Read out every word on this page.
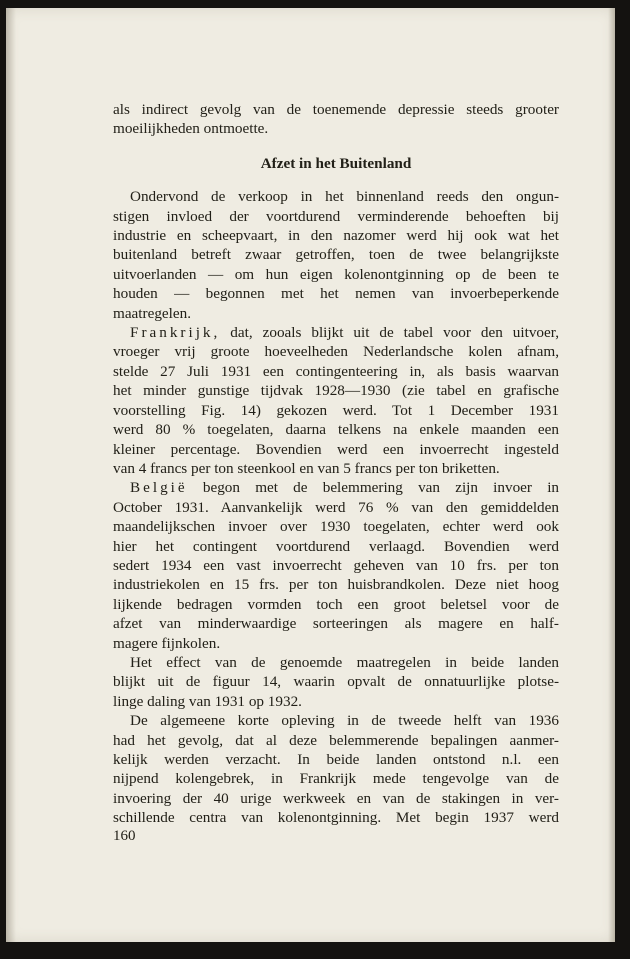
als indirect gevolg van de toenemende depressie steeds grooter
moeilijkheden ontmoette.
Afzet in het Buitenland
Ondervond de verkoop in het binnenland reeds den ongun-
stigen invloed der voortdurend verminderende behoeften bij
industrie en scheepvaart, in den nazomer werd hij ook wat het
buitenland betreft zwaar getroffen, toen de twee belangrijkste
uitvoerlanden — om hun eigen kolenontginning op de been te
houden — begonnen met het nemen van invoerbeperkende
maatregelen.
Frankrijk, dat, zooals blijkt uit de tabel voor den uitvoer,
vroeger vrij groote hoeveelheden Nederlandsche kolen afnam,
stelde 27 Juli 1931 een contingenteering in, als basis waarvan
het minder gunstige tijdvak 1928—1930 (zie tabel en grafische
voorstelling Fig. 14) gekozen werd. Tot 1 December 1931
werd 80 % toegelaten, daarna telkens na enkele maanden een
kleiner percentage. Bovendien werd een invoerrecht ingesteld
van 4 francs per ton steenkool en van 5 francs per ton briketten.
België begon met de belemmering van zijn invoer in
October 1931. Aanvankelijk werd 76 % van den gemiddelden
maandelijkschen invoer over 1930 toegelaten, echter werd ook
hier het contingent voortdurend verlaagd. Bovendien werd
sedert 1934 een vast invoerrecht geheven van 10 frs. per ton
industriekolen en 15 frs. per ton huisbrandkolen. Deze niet hoog
lijkende bedragen vormden toch een groot beletsel voor de
afzet van minderwaardige sorteeringen als magere en half-
magere fijnkolen.
Het effect van de genoemde maatregelen in beide landen
blijkt uit de figuur 14, waarin opvalt de onnatuurlijke plotse-
linge daling van 1931 op 1932.
De algemeene korte opleving in de tweede helft van 1936
had het gevolg, dat al deze belemmerende bepalingen aanmer-
kelijk werden verzacht. In beide landen ontstond n.l. een
nijpend kolengebrek, in Frankrijk mede tengevolge van de
invoering der 40 urige werkweek en van de stakingen in ver-
schillende centra van kolenontginning. Met begin 1937 werd
160
